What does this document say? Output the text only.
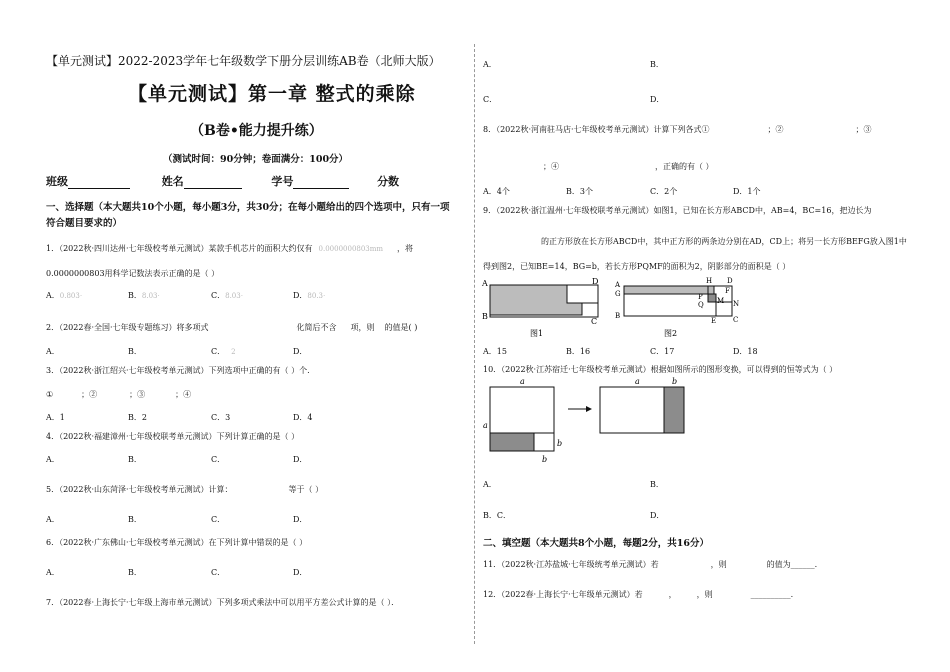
【单元测试】2022-2023学年七年级数学下册分层训练AB卷（北师大版）
【单元测试】第一章 整式的乘除
（B卷•能力提升练）
（测试时间：90分钟；卷面满分：100分）
班级	姓名	学号	分数
一、选择题（本大题共10个小题，每小题3分，共30分；在每小题给出的四个选项中，只有一项
符合题目要求的）
1．（2022秋·四川达州·七年级校考单元测试）某款手机芯片的面积大约仅有 0.0000000803mm ，将
0.0000000803用科学记数法表示正确的是（ ）
A．0.803⋅	B．8.03⋅	C．8.03⋅	D．80.3⋅
2．（2022春·全国·七年级专题练习）将多项式	化简后不含 项，则 的值是( )
A．	B．	C． 2	D．
3．（2022秋·浙江绍兴·七年级校考单元测试）下列选项中正确的有（ ）个.
①	；②	；③	；④
A．1	B．2	C．3	D．4
4．（2022秋·福建漳州·七年级校联考单元测试）下列计算正确的是（ ）
A．	B．	C．	D．
5．（2022秋·山东菏泽·七年级校考单元测试）计算：	等于（ ）
A．	B．	C．	D．
6．（2022秋·广东佛山·七年级校考单元测试）在下列计算中错误的是（ ）
A．	B．	C．	D．
7．（2022春·上海长宁·七年级上海市单元测试）下列多项式乘法中可以用平方差公式计算的是（ ）．
A．	B．
C．	D．
8．（2022秋·河南驻马店·七年级校考单元测试）计算下列各式①	；②	；③
；④	，正确的有（ ）
A．4个	B．3个	C．2个	D．1个
9．（2022秋·浙江温州·七年级校联考单元测试）如图1，已知在长方形ABCD中，AB=4，BC=16，把边长为
的正方形放在长方形ABCD中，其中正方形的两条边分别在AD，CD上；将另一长方形BEFG放入图1中
得到图2，已知BE=14，BG=b，若长方形PQMF的面积为2，阴影部分的面积是（ ）
A
B
C
D
图1
A
G
B
H D
F
P
Q M N
C
E
图2
A．15	B．16	C．17	D．18
10．（2022秋·江苏宿迁·七年级校考单元测试）根据如图所示的图形变换，可以得到的恒等式为（ ）
a
a
b
b
a	b
A．	B．
B．C．	D．
二、填空题（本大题共8个小题，每题2分，共16分）
11．（2022秋·江苏盐城·七年级统考单元测试）若	，则	的值为______.
12．（2022春·上海长宁·七年级单元测试）若	，	，则	__________.
